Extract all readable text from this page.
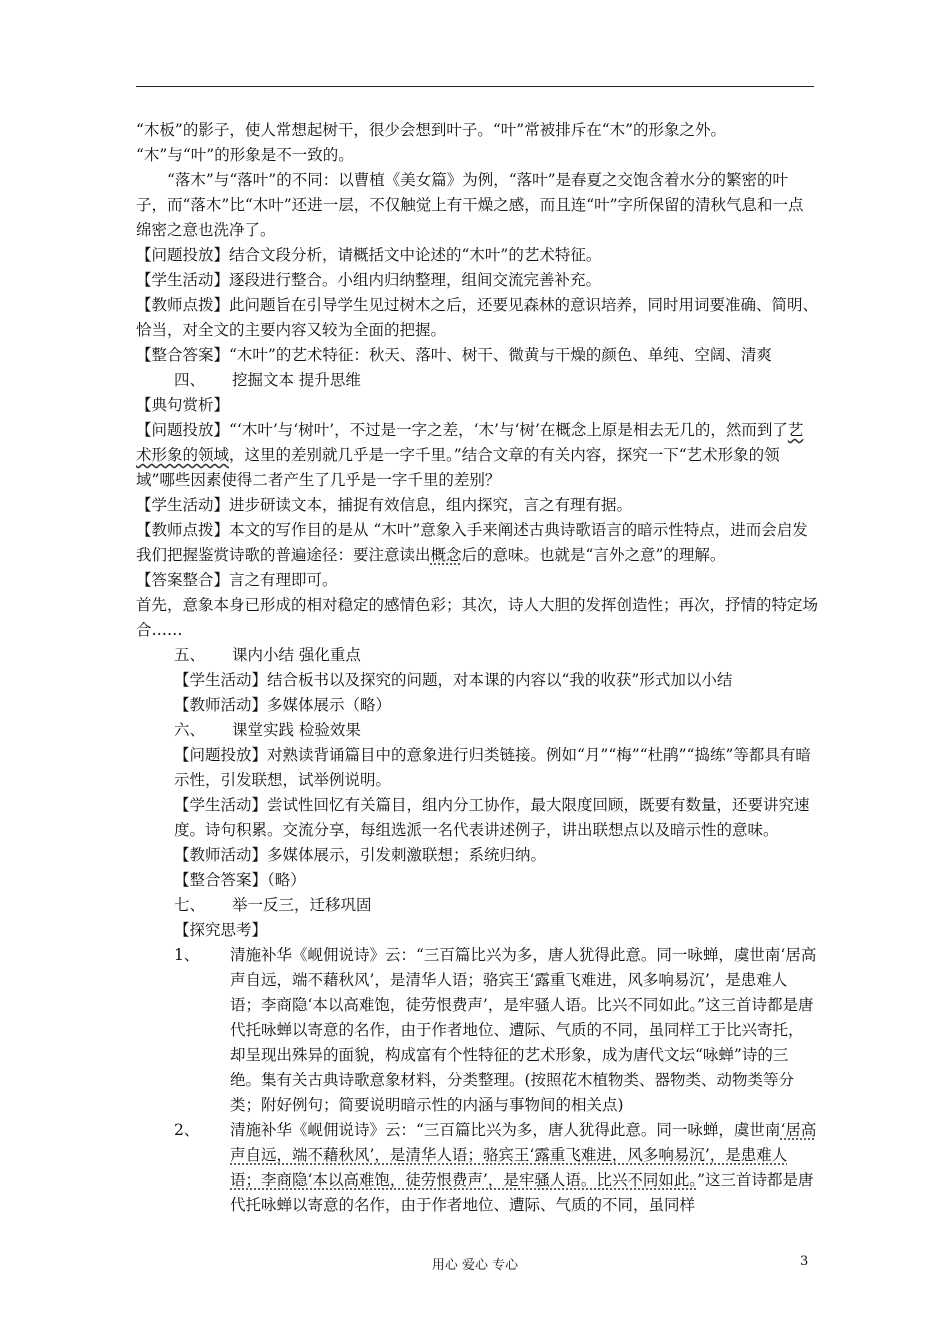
“木板”的影子，使人常想起树干，很少会想到叶子。“叶”常被排斥在“木”的形象之外。

“木”与“叶”的形象是不一致的。

“落木”与“落叶”的不同：以曹植《美女篇》为例，“落叶”是春夏之交饱含着水分的繁密的叶子，而“落木”比“木叶”还进一层，不仅触觉上有干燥之感，而且连“叶”字所保留的清秋气息和一点绵密之意也洗净了。

【问题投放】结合文段分析，请概括文中论述的“木叶”的艺术特征。

【学生活动】逐段进行整合。小组内归纳整理，组间交流完善补充。

【教师点拨】此问题旨在引导学生见过树木之后，还要见森林的意识培养，同时用词要准确、简明、恰当，对全文的主要内容又较为全面的把握。

【整合答案】“木叶”的艺术特征：秋天、落叶、树干、微黄与干燥的颜色、单纯、空阔、清爽

四、	挖掘文本 提升思维

【典句赏析】

【问题投放】“‘木叶’与‘树叶’，不过是一字之差，‘木’与‘树’在概念上原是相去无几的，然而到了艺术形象的领域，这里的差别就几乎是一字千里。”结合文章的有关内容，探究一下“艺术形象的领域”哪些因素使得二者产生了几乎是一字千里的差别？

【学生活动】进步研读文本，捕捉有效信息，组内探究，言之有理有据。

【教师点拨】本文的写作目的是从 “木叶”意象入手来阐述古典诗歌语言的暗示性特点，进而会启发我们把握鉴赏诗歌的普遍途径：要注意读出概念后的意味。也就是“言外之意”的理解。

【答案整合】言之有理即可。

首先，意象本身已形成的相对稳定的感情色彩；其次，诗人大胆的发挥创造性；再次，抒情的特定场合……

五、	课内小结 强化重点

【学生活动】结合板书以及探究的问题，对本课的内容以“我的收获”形式加以小结

【教师活动】多媒体展示（略）

六、	课堂实践 检验效果

【问题投放】对熟读背诵篇目中的意象进行归类链接。例如“月”“梅”“杜鹃”“捣练”等都具有暗示性，引发联想，试举例说明。

【学生活动】尝试性回忆有关篇目，组内分工协作，最大限度回顾，既要有数量，还要讲究速度。诗句积累。交流分享，每组选派一名代表讲述例子，讲出联想点以及暗示性的意味。

【教师活动】多媒体展示，引发刺激联想；系统归纳。

【整合答案】（略）

七、	举一反三，迁移巩固

【探究思考】

1、	清施补华《岘佣说诗》云：“三百篇比兴为多，唐人犹得此意。同一咏蝉，虞世南‘居高声自远，端不藉秋风’，是清华人语；骆宾王‘露重飞难进，风多响易沉’，是患难人语；李商隐‘本以高难饱，徒劳恨费声’，是牢骚人语。比兴不同如此。”这三首诗都是唐代托咏蝉以寄意的名作，由于作者地位、遭际、气质的不同，虽同样工于比兴寄托，却呈现出殊异的面貌，构成富有个性特征的艺术形象，成为唐代文坛“咏蝉”诗的三绝。集有关古典诗歌意象材料，分类整理。(按照花木植物类、器物类、动物类等分类；附好例句；简要说明暗示性的内涵与事物间的相关点)
2、	清施补华《岘佣说诗》云：“三百篇比兴为多，唐人犹得此意。同一咏蝉，虞世南‘居高声自远，端不藉秋风’，是清华人语；骆宾王‘露重飞难进，风多响易沉’，是患难人语；李商隐‘本以高难饱，徒劳恨费声’，是牢骚人语。比兴不同如此。”这三首诗都是唐代托咏蝉以寄意的名作，由于作者地位、遭际、气质的不同，虽同样
用心 爱心 专心	3
